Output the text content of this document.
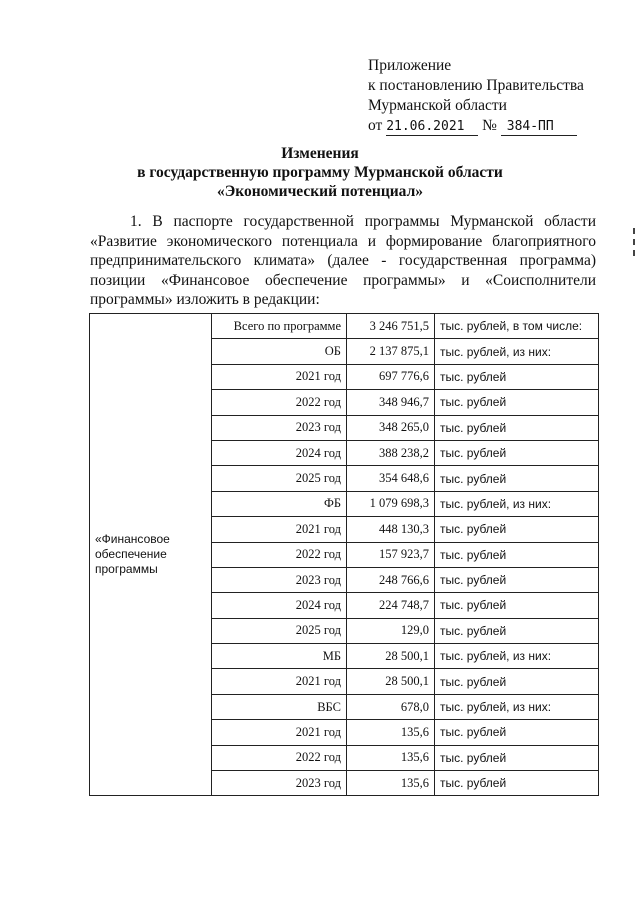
Приложение
к постановлению Правительства
Мурманской области
от 21.06.2021 № 384-ПП
Изменения
в государственную программу Мурманской области
«Экономический потенциал»
1. В паспорте государственной программы Мурманской области
«Развитие экономического потенциала и формирование благоприятного
предпринимательского климата» (далее - государственная программа)
позиции «Финансовое обеспечение программы» и «Соисполнители
программы» изложить в редакции:
«Финансовое обеспечение программы	Всего по программе	3 246 751,5	тыс. рублей, в том числе:
	ОБ	2 137 875,1	тыс. рублей, из них:
	2021 год	697 776,6	тыс. рублей
	2022 год	348 946,7	тыс. рублей
	2023 год	348 265,0	тыс. рублей
	2024 год	388 238,2	тыс. рублей
	2025 год	354 648,6	тыс. рублей
	ФБ	1 079 698,3	тыс. рублей, из них:
	2021 год	448 130,3	тыс. рублей
	2022 год	157 923,7	тыс. рублей
	2023 год	248 766,6	тыс. рублей
	2024 год	224 748,7	тыс. рублей
	2025 год	129,0	тыс. рублей
	МБ	28 500,1	тыс. рублей, из них:
	2021 год	28 500,1	тыс. рублей
	ВБС	678,0	тыс. рублей, из них:
	2021 год	135,6	тыс. рублей
	2022 год	135,6	тыс. рублей
	2023 год	135,6	тыс. рублей
